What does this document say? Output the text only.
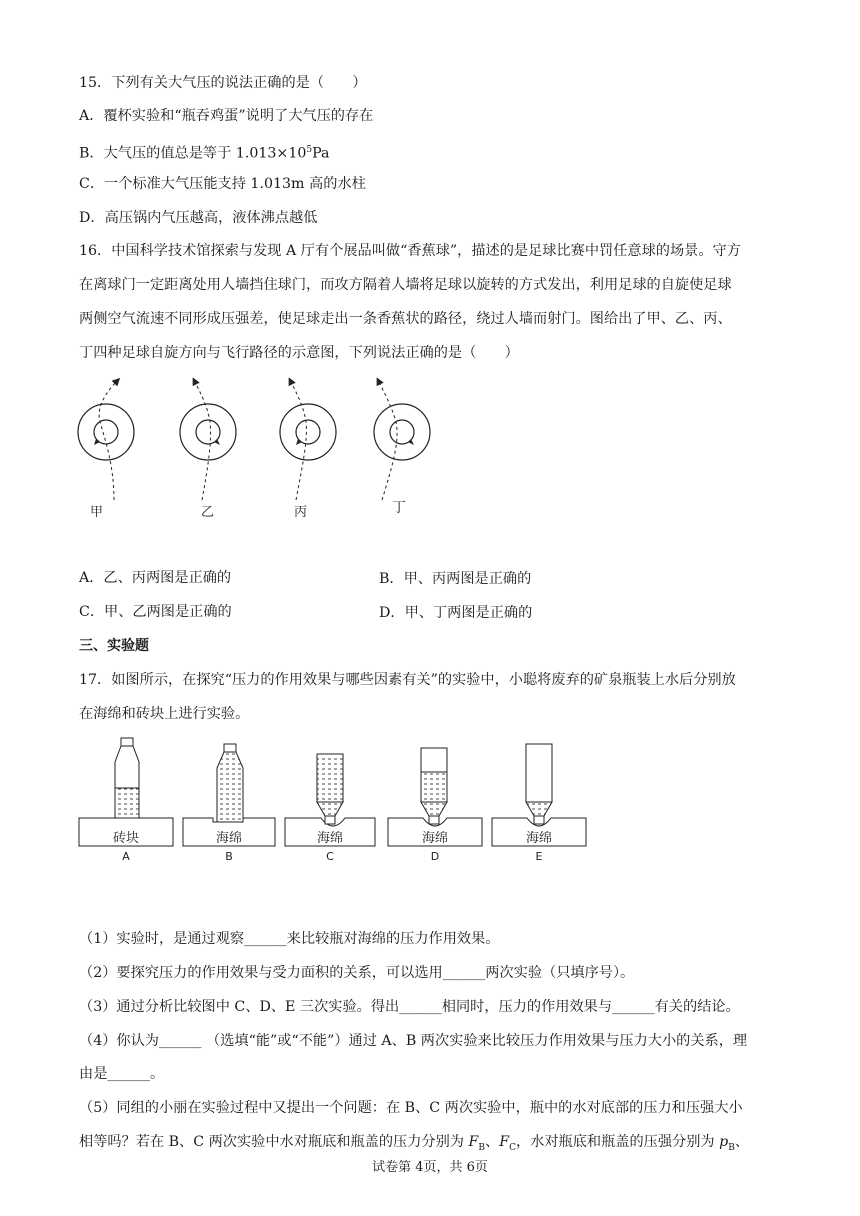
15．下列有关大气压的说法正确的是（　　）
A．覆杯实验和“瓶吞鸡蛋”说明了大气压的存在
B．大气压的值总是等于 $1.013\times 10^5Pa$
C．一个标准大气压能支持 1.013m 高的水柱
D．高压锅内气压越高，液体沸点越低
16．中国科学技术馆探索与发现 A 厅有个展品叫做“香蕉球”，描述的是足球比赛中罚任意球的场景。守方
在离球门一定距离处用人墙挡住球门，而攻方隔着人墙将足球以旋转的方式发出，利用足球的自旋使足球
两侧空气流速不同形成压强差，使足球走出一条香蕉状的路径，绕过人墙而射门。图给出了甲、乙、丙、
丁四种足球自旋方向与飞行路径的示意图，下列说法正确的是（　　）
甲	乙	丙	丁
A．乙、丙两图是正确的	B．甲、丙两图是正确的
C．甲、乙两图是正确的	D．甲、丁两图是正确的
三、实验题
17．如图所示，在探究“压力的作用效果与哪些因素有关”的实验中，小聪将废弃的矿泉瓶装上水后分别放
在海绵和砖块上进行实验。
砖块	海绵	海绵	海绵	海绵
A	B	C	D	E
（1）实验时，是通过观察______来比较瓶对海绵的压力作用效果。
（2）要探究压力的作用效果与受力面积的关系，可以选用______两次实验（只填序号）。
（3）通过分析比较图中 C、D、E 三次实验。得出______相同时，压力的作用效果与______有关的结论。
（4）你认为______ （选填“能”或“不能”）通过 A、B 两次实验来比较压力作用效果与压力大小的关系，理
由是______。
（5）同组的小丽在实验过程中又提出一个问题：在 B、C 两次实验中，瓶中的水对底部的压力和压强大小
相等吗？若在 B、C 两次实验中水对瓶底和瓶盖的压力分别为 $F_B$、$F_C$，水对瓶底和瓶盖的压强分别为 $p_B$、
试卷第 4页，共 6页
